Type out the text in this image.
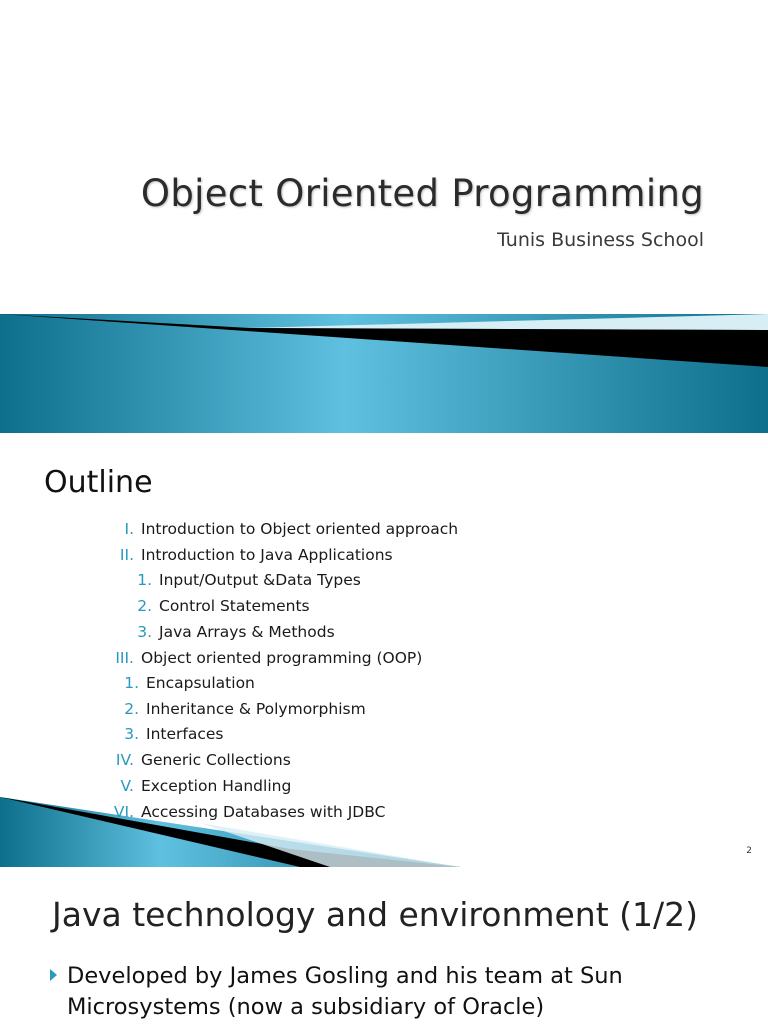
Object Oriented Programming
Tunis Business School
Outline
I. Introduction to Object oriented approach
II. Introduction to Java Applications
1. Input/Output &Data Types
2. Control Statements
3. Java Arrays & Methods
III. Object oriented programming (OOP)
1. Encapsulation
2. Inheritance & Polymorphism
3. Interfaces
IV. Generic Collections
V. Exception Handling
VI. Accessing Databases with JDBC
2
Java technology and environment (1/2)
Developed by James Gosling and his team at Sun Microsystems (now a subsidiary of Oracle)
